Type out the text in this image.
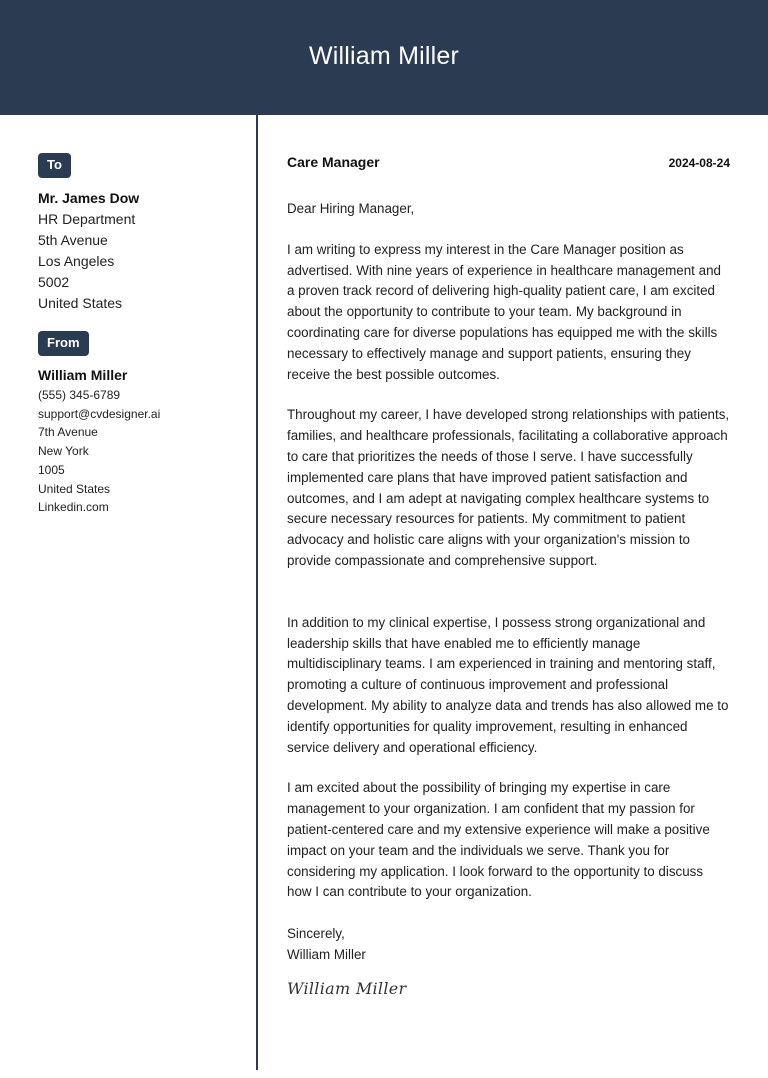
William Miller
To
Mr. James Dow
HR Department
5th Avenue
Los Angeles
5002
United States
From
William Miller
(555) 345-6789
support@cvdesigner.ai
7th Avenue
New York
1005
United States
Linkedin.com
Care Manager	2024-08-24
Dear Hiring Manager,
I am writing to express my interest in the Care Manager position as advertised. With nine years of experience in healthcare management and a proven track record of delivering high-quality patient care, I am excited about the opportunity to contribute to your team. My background in coordinating care for diverse populations has equipped me with the skills necessary to effectively manage and support patients, ensuring they receive the best possible outcomes.
Throughout my career, I have developed strong relationships with patients, families, and healthcare professionals, facilitating a collaborative approach to care that prioritizes the needs of those I serve. I have successfully implemented care plans that have improved patient satisfaction and outcomes, and I am adept at navigating complex healthcare systems to secure necessary resources for patients. My commitment to patient advocacy and holistic care aligns with your organization's mission to provide compassionate and comprehensive support.
In addition to my clinical expertise, I possess strong organizational and leadership skills that have enabled me to efficiently manage multidisciplinary teams. I am experienced in training and mentoring staff, promoting a culture of continuous improvement and professional development. My ability to analyze data and trends has also allowed me to identify opportunities for quality improvement, resulting in enhanced service delivery and operational efficiency.
I am excited about the possibility of bringing my expertise in care management to your organization. I am confident that my passion for patient-centered care and my extensive experience will make a positive impact on your team and the individuals we serve. Thank you for considering my application. I look forward to the opportunity to discuss how I can contribute to your organization.
Sincerely,
William Miller
William Miller
